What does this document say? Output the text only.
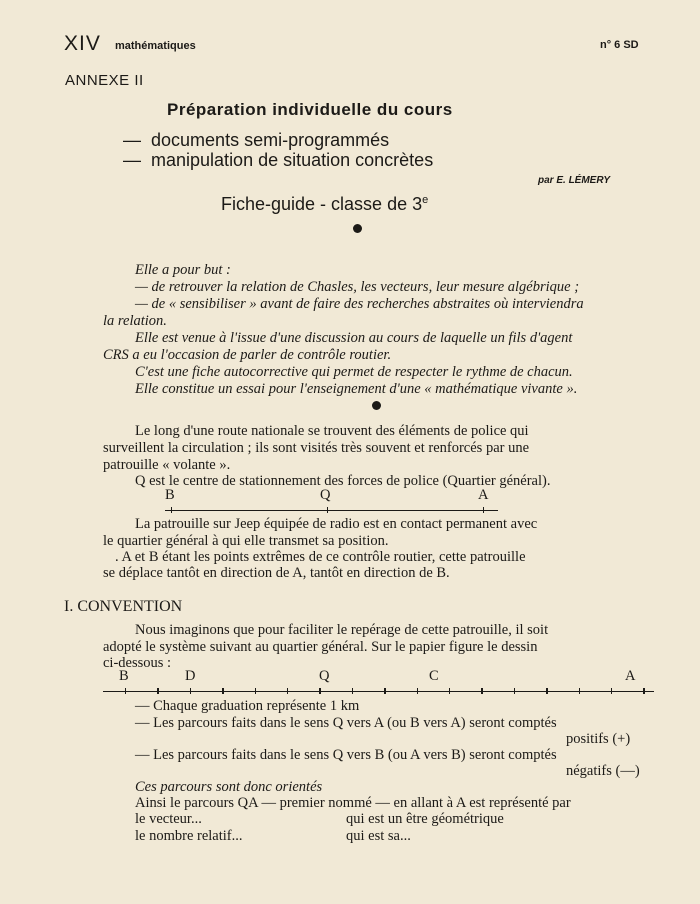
XIV mathématiques	n° 6 SD
ANNEXE II
Préparation individuelle du cours
— documents semi-programmés
— manipulation de situation concrètes
par E. LÉMERY
Fiche-guide - classe de 3e
Elle a pour but :
— de retrouver la relation de Chasles, les vecteurs, leur mesure algébrique ;
— de « sensibiliser » avant de faire des recherches abstraites où interviendra
la relation.
Elle est venue à l'issue d'une discussion au cours de laquelle un fils d'agent
CRS a eu l'occasion de parler de contrôle routier.
C'est une fiche autocorrective qui permet de respecter le rythme de chacun.
Elle constitue un essai pour l'enseignement d'une « mathématique vivante ».
Le long d'une route nationale se trouvent des éléments de police qui
surveillent la circulation ; ils sont visités très souvent et renforcés par une
patrouille « volante ».
Q est le centre de stationnement des forces de police (Quartier général).
B	Q	A
La patrouille sur Jeep équipée de radio est en contact permanent avec
le quartier général à qui elle transmet sa position.
. A et B étant les points extrêmes de ce contrôle routier, cette patrouille
se déplace tantôt en direction de A, tantôt en direction de B.
I. CONVENTION
Nous imaginons que pour faciliter le repérage de cette patrouille, il soit
adopté le système suivant au quartier général. Sur le papier figure le dessin
ci-dessous :
B	D	Q	C	A
— Chaque graduation représente 1 km
— Les parcours faits dans le sens Q vers A (ou B vers A) seront comptés
positifs (+)
— Les parcours faits dans le sens Q vers B (ou A vers B) seront comptés
négatifs (—)
Ces parcours sont donc orientés
Ainsi le parcours QA — premier nommé — en allant à A est représenté par
le vecteur...	qui est un être géométrique
le nombre relatif...	qui est sa...
